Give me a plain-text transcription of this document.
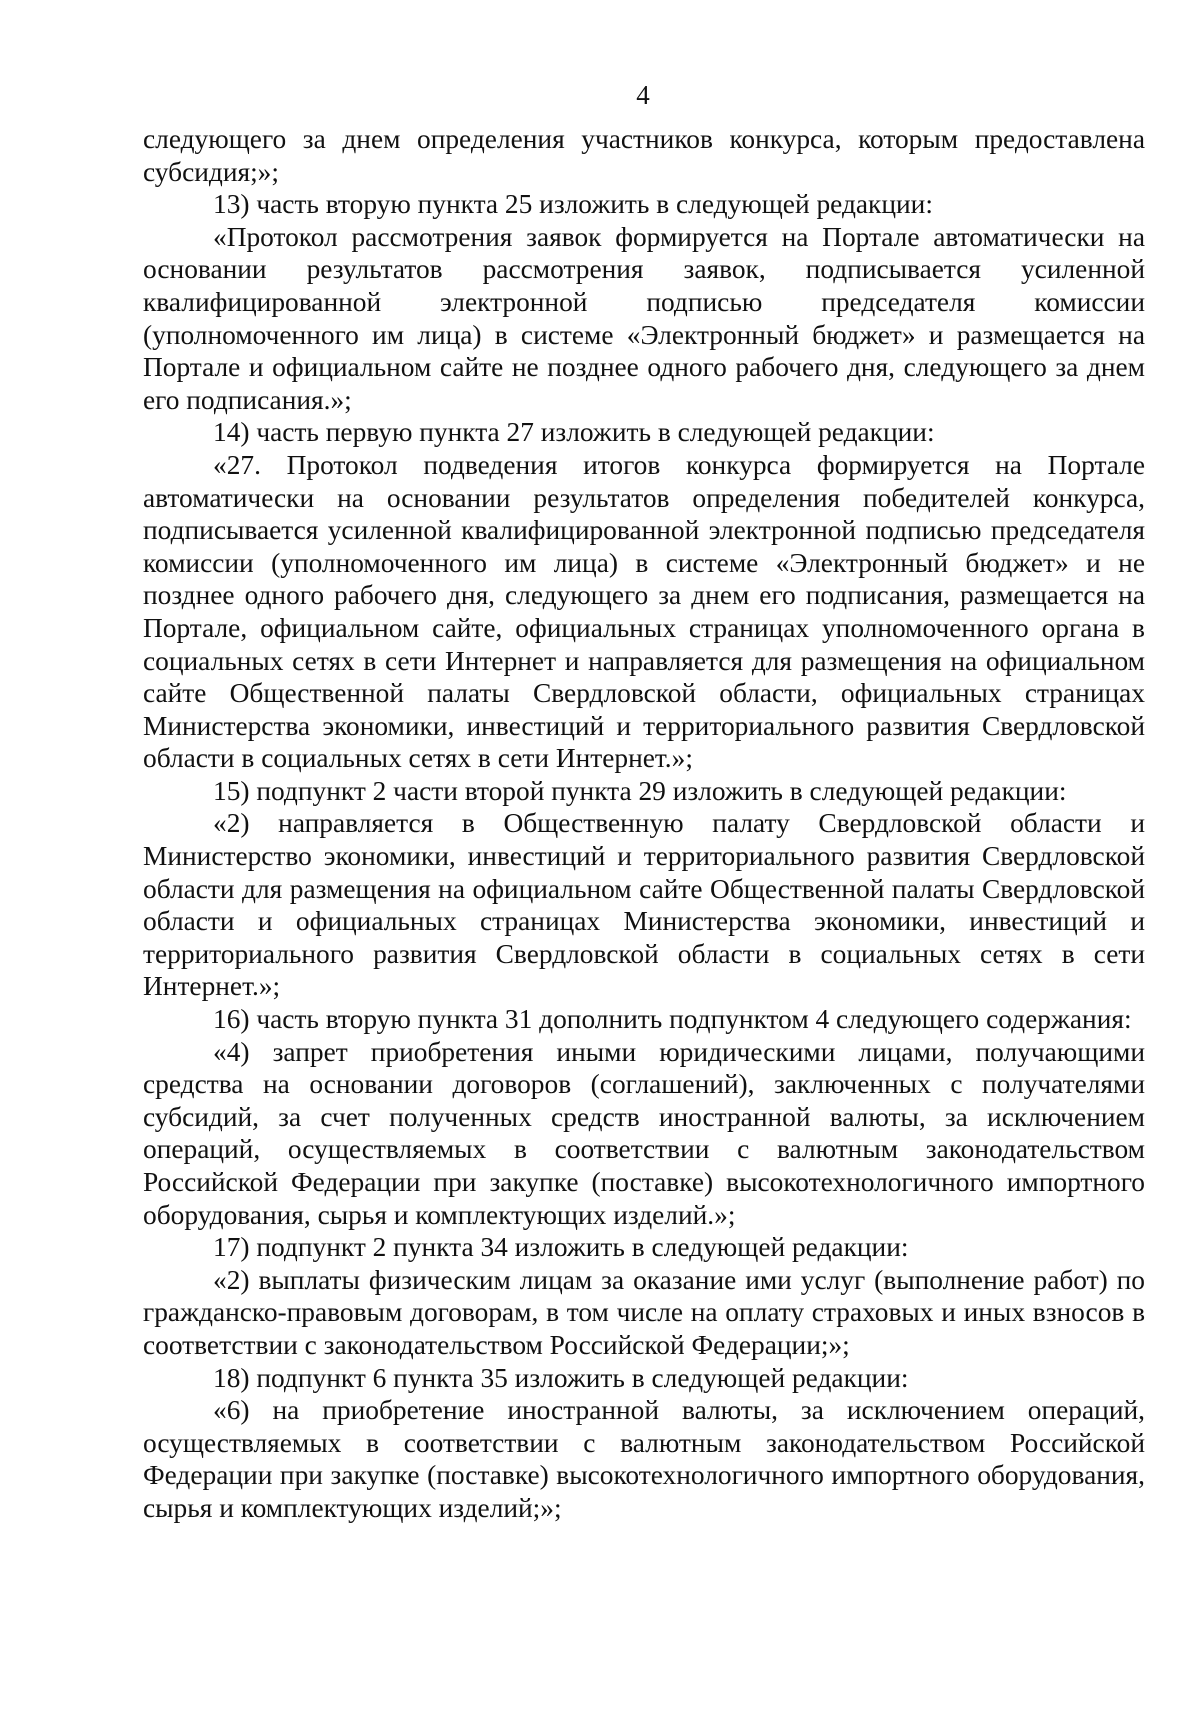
4

следующего за днем определения участников конкурса, которым предоставлена субсидия;»;

13) часть вторую пункта 25 изложить в следующей редакции:

«Протокол рассмотрения заявок формируется на Портале автоматически на основании результатов рассмотрения заявок, подписывается усиленной квалифицированной электронной подписью председателя комиссии (уполномоченного им лица) в системе «Электронный бюджет» и размещается на Портале и официальном сайте не позднее одного рабочего дня, следующего за днем его подписания.»;

14) часть первую пункта 27 изложить в следующей редакции:

«27. Протокол подведения итогов конкурса формируется на Портале автоматически на основании результатов определения победителей конкурса, подписывается усиленной квалифицированной электронной подписью председателя комиссии (уполномоченного им лица) в системе «Электронный бюджет» и не позднее одного рабочего дня, следующего за днем его подписания, размещается на Портале, официальном сайте, официальных страницах уполномоченного органа в социальных сетях в сети Интернет и направляется для размещения на официальном сайте Общественной палаты Свердловской области, официальных страницах Министерства экономики, инвестиций и территориального развития Свердловской области в социальных сетях в сети Интернет.»;

15) подпункт 2 части второй пункта 29 изложить в следующей редакции:

«2) направляется в Общественную палату Свердловской области и Министерство экономики, инвестиций и территориального развития Свердловской области для размещения на официальном сайте Общественной палаты Свердловской области и официальных страницах Министерства экономики, инвестиций и территориального развития Свердловской области в социальных сетях в сети Интернет.»;

16) часть вторую пункта 31 дополнить подпунктом 4 следующего содержания:

«4) запрет приобретения иными юридическими лицами, получающими средства на основании договоров (соглашений), заключенных с получателями субсидий, за счет полученных средств иностранной валюты, за исключением операций, осуществляемых в соответствии с валютным законодательством Российской Федерации при закупке (поставке) высокотехнологичного импортного оборудования, сырья и комплектующих изделий.»;

17) подпункт 2 пункта 34 изложить в следующей редакции:

«2) выплаты физическим лицам за оказание ими услуг (выполнение работ) по гражданско-правовым договорам, в том числе на оплату страховых и иных взносов в соответствии с законодательством Российской Федерации;»;

18) подпункт 6 пункта 35 изложить в следующей редакции:

«6) на приобретение иностранной валюты, за исключением операций, осуществляемых в соответствии с валютным законодательством Российской Федерации при закупке (поставке) высокотехнологичного импортного оборудования, сырья и комплектующих изделий;»;
